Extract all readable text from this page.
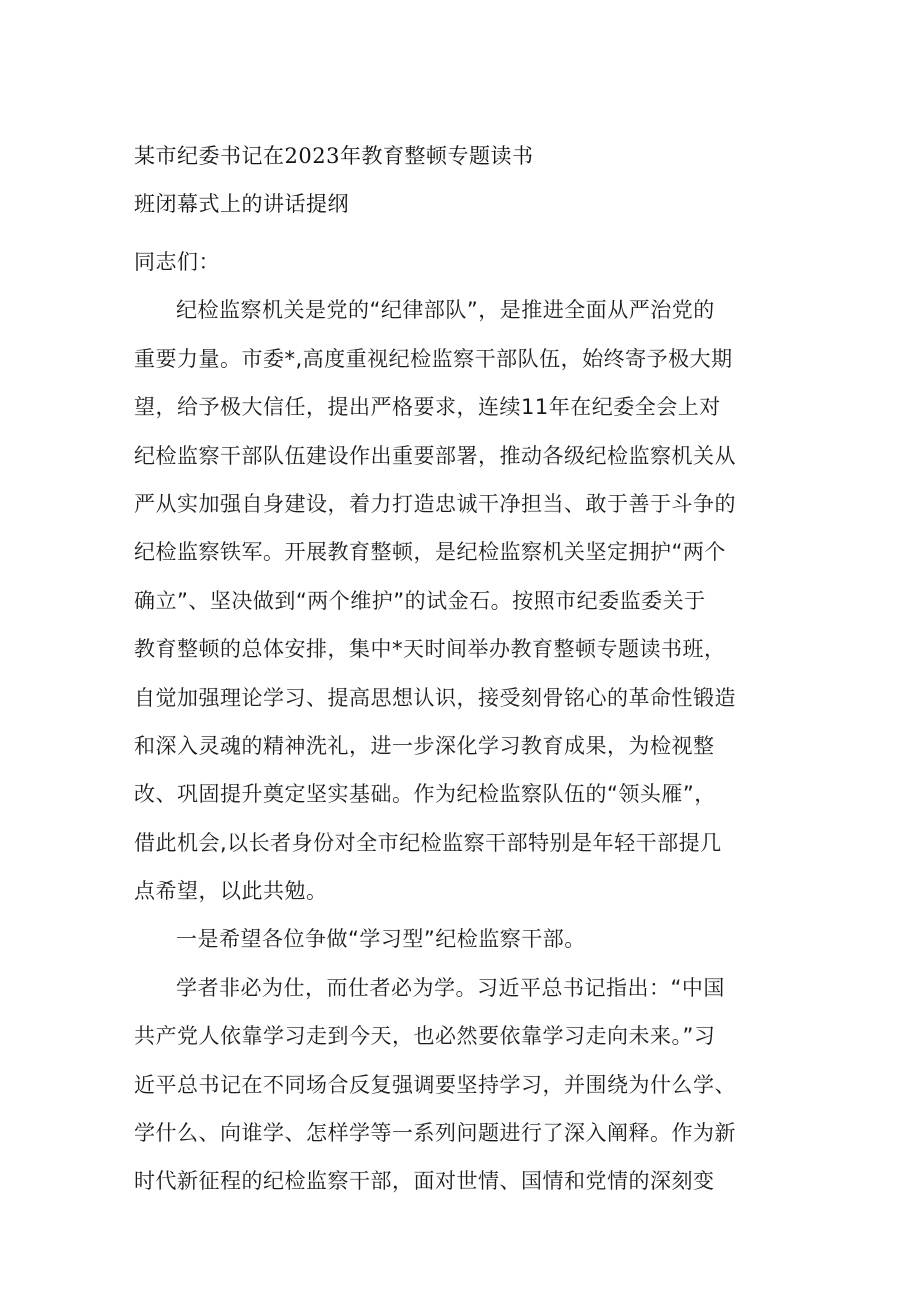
某市纪委书记在2023年教育整顿专题读书
班闭幕式上的讲话提纲
同志们：
纪检监察机关是党的“纪律部队”，是推进全面从严治党的
重要力量。市委*,高度重视纪检监察干部队伍，始终寄予极大期
望，给予极大信任，提出严格要求，连续11年在纪委全会上对
纪检监察干部队伍建设作出重要部署，推动各级纪检监察机关从
严从实加强自身建设，着力打造忠诚干净担当、敢于善于斗争的
纪检监察铁军。开展教育整顿，是纪检监察机关坚定拥护“两个
确立”、坚决做到“两个维护”的试金石。按照市纪委监委关于
教育整顿的总体安排，集中*天时间举办教育整顿专题读书班，
自觉加强理论学习、提高思想认识，接受刻骨铭心的革命性锻造
和深入灵魂的精神洗礼，进一步深化学习教育成果，为检视整
改、巩固提升奠定坚实基础。作为纪检监察队伍的“领头雁”，
借此机会,以长者身份对全市纪检监察干部特别是年轻干部提几
点希望，以此共勉。
一是希望各位争做“学习型”纪检监察干部。
学者非必为仕，而仕者必为学。习近平总书记指出：“中国
共产党人依靠学习走到今天，也必然要依靠学习走向未来。”习
近平总书记在不同场合反复强调要坚持学习，并围绕为什么学、
学什么、向谁学、怎样学等一系列问题进行了深入阐释。作为新
时代新征程的纪检监察干部，面对世情、国情和党情的深刻变
